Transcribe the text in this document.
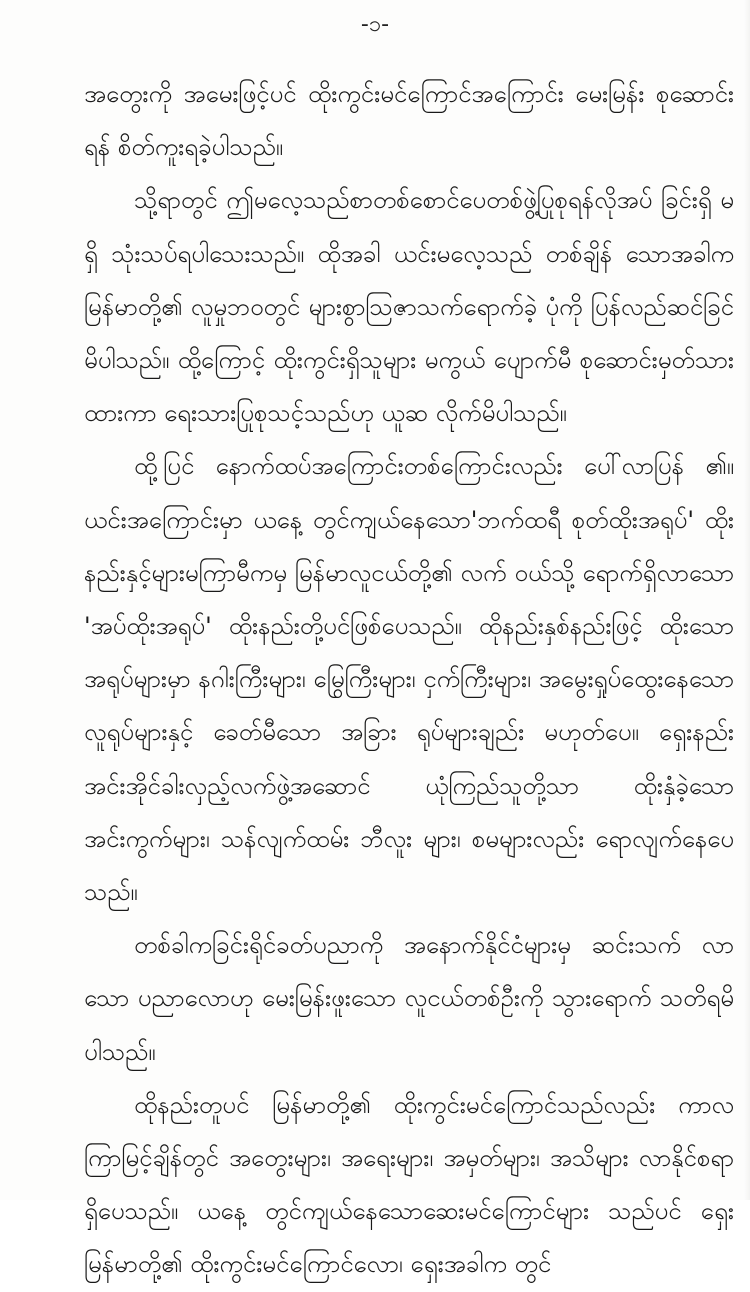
-၁-

အတွေးကို အမေးဖြင့်ပင် ထိုးကွင်းမင်ကြောင်အကြောင်း မေးမြန်း စုဆောင်းရန် စိတ်ကူးရခဲ့ပါသည်။

သို့ရာတွင် ဤမလေ့သည်စာတစ်စောင်ပေတစ်ဖွဲ့ပြုစုရန်လိုအပ် ခြင်းရှိ မရှိ သုံးသပ်ရပါသေးသည်။ ထိုအခါ ယင်းမလေ့သည် တစ်ချိန် သောအခါက မြန်မာတို့၏ လူမှုဘဝတွင် များစွာသြဇာသက်ရောက်ခဲ့ ပုံကို ပြန်လည်ဆင်ခြင်မိပါသည်။ ထို့ကြောင့် ထိုးကွင်းရှိသူများ မကွယ် ပျောက်မီ စုဆောင်းမှတ်သားထားကာ ရေးသားပြုစုသင့်သည်ဟု ယူဆ လိုက်မိပါသည်။

ထို့ပြင် နောက်ထပ်အကြောင်းတစ်ကြောင်းလည်း ပေါ်လာပြန် ၏။ ယင်းအကြောင်းမှာ ယနေ့ တွင်ကျယ်နေသော'ဘက်ထရီ စုတ်ထိုးအရုပ်' ထိုးနည်းနှင့်များမကြာမီကမှ မြန်မာလူငယ်တို့၏ လက် ဝယ်သို့ ရောက်ရှိလာသော 'အပ်ထိုးအရုပ်' ထိုးနည်းတို့ပင်ဖြစ်ပေသည်။ ထိုနည်းနှစ်နည်းဖြင့် ထိုးသောအရုပ်များမှာ နဂါးကြီးများ၊ မြွေကြီးများ၊ ငှက်ကြီးများ၊ အမွေးရှုပ်ထွေးနေသောလူရုပ်များနှင့် ခေတ်မီသော အခြား ရုပ်များချည်း မဟုတ်ပေ။ ရှေးနည်း အင်းအိုင်ခါးလှည့်လက်ဖွဲ့အဆောင် ယုံကြည်သူတို့သာ ထိုးနှံခဲ့သော အင်းကွက်များ၊ သန်လျက်ထမ်း ဘီလူး များ၊ စမများလည်း ရောလျက်နေပေသည်။

တစ်ခါကခြင်းရိုင်ခတ်ပညာကို အနောက်နိုင်ငံများမှ ဆင်းသက် လာသော ပညာလောဟု မေးမြန်းဖူးသော လူငယ်တစ်ဦးကို သွားရောက် သတိရမိပါသည်။

ထိုနည်းတူပင် မြန်မာတို့၏ ထိုးကွင်းမင်ကြောင်သည်လည်း ကာလကြာမြင့်ချိန်တွင် အတွေးများ၊ အရေးများ၊ အမှတ်များ၊ အသိများ လာနိုင်စရာရှိပေသည်။ ယနေ့ တွင်ကျယ်နေသောဆေးမင်ကြောင်များ သည်ပင် ရှေးမြန်မာတို့၏ ထိုးကွင်းမင်ကြောင်လော၊ ရှေးအခါက တွင်
